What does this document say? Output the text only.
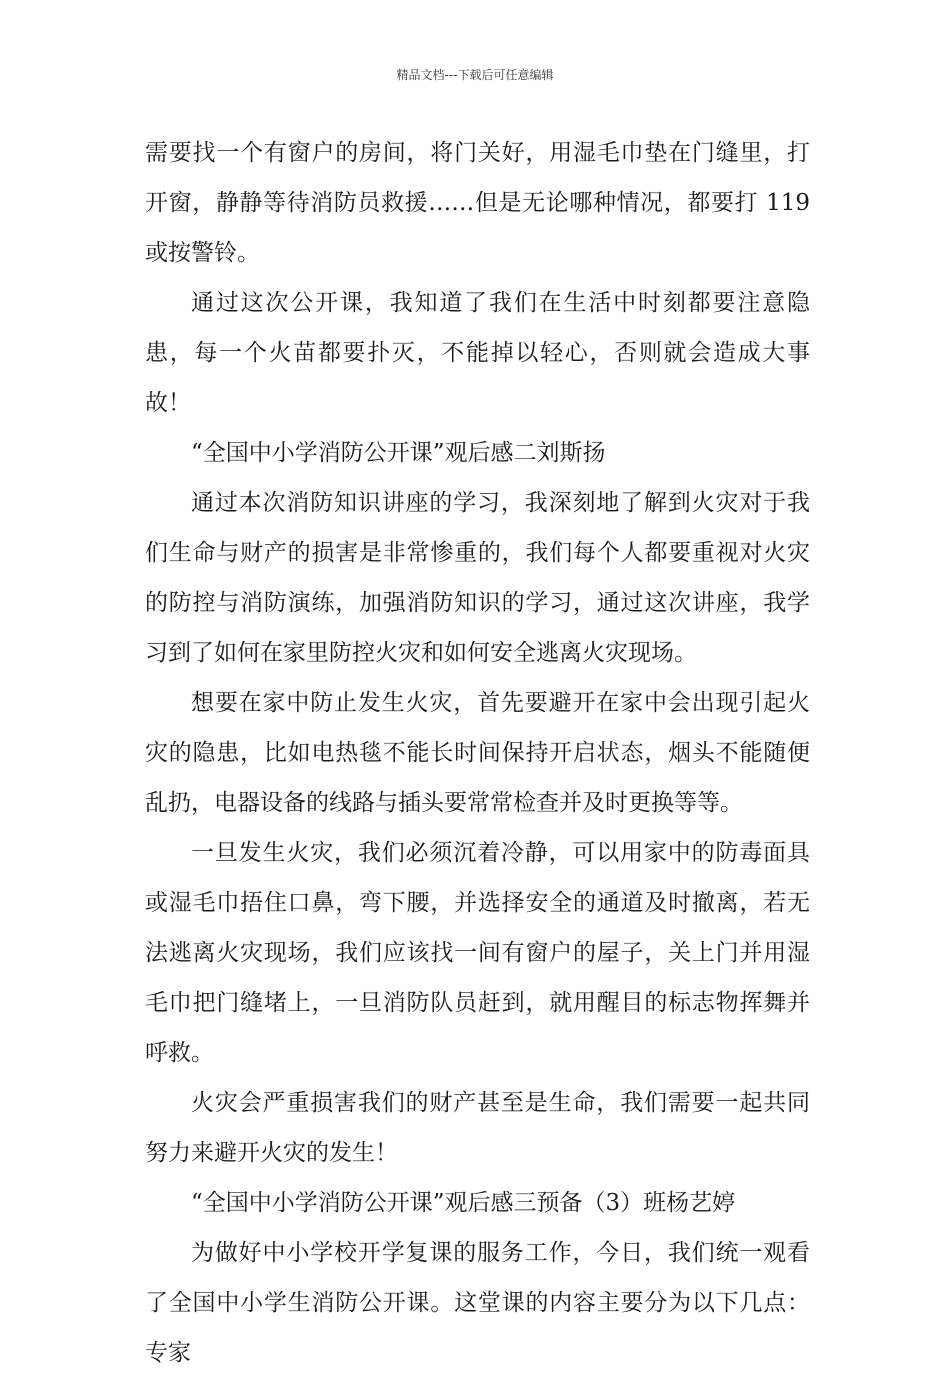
精品文档---下载后可任意编辑

需要找一个有窗户的房间，将门关好，用湿毛巾垫在门缝里，打开窗，静静等待消防员救援……但是无论哪种情况，都要打 119 或按警铃。

通过这次公开课，我知道了我们在生活中时刻都要注意隐患，每一个火苗都要扑灭，不能掉以轻心，否则就会造成大事故！

“全国中小学消防公开课”观后感二刘斯扬

通过本次消防知识讲座的学习，我深刻地了解到火灾对于我们生命与财产的损害是非常惨重的，我们每个人都要重视对火灾的防控与消防演练，加强消防知识的学习，通过这次讲座，我学习到了如何在家里防控火灾和如何安全逃离火灾现场。

想要在家中防止发生火灾，首先要避开在家中会出现引起火灾的隐患，比如电热毯不能长时间保持开启状态，烟头不能随便乱扔，电器设备的线路与插头要常常检查并及时更换等等。

一旦发生火灾，我们必须沉着冷静，可以用家中的防毒面具或湿毛巾捂住口鼻，弯下腰，并选择安全的通道及时撤离，若无法逃离火灾现场，我们应该找一间有窗户的屋子，关上门并用湿毛巾把门缝堵上，一旦消防队员赶到，就用醒目的标志物挥舞并呼救。

火灾会严重损害我们的财产甚至是生命，我们需要一起共同努力来避开火灾的发生！

“全国中小学消防公开课”观后感三预备（3）班杨艺婷

为做好中小学校开学复课的服务工作，今日，我们统一观看了全国中小学生消防公开课。这堂课的内容主要分为以下几点：专家
